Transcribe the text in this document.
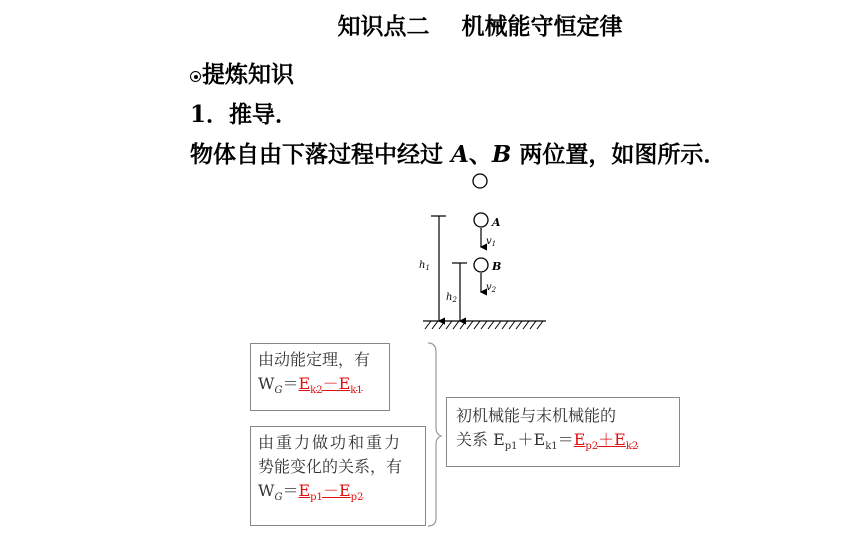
知识点二    机械能守恒定律
提炼知识
1．推导．
物体自由下落过程中经过 A、B 两位置，如图所示．
A
B
$v_1$
$v_2$
$h_1$
$h_2$
由动能定理，有
$W_G=E_{k2}-E_{k1}$
由重力做功和重力
势能变化的关系，有
$W_G=E_{p1}-E_{p2}$
初机械能与末机械能的
关系 $E_{p1}+E_{k1}=E_{p2}+E_{k2}$
